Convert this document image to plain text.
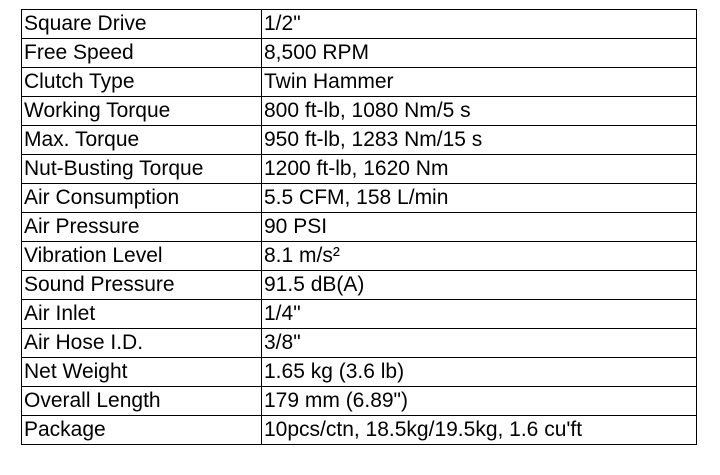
Square Drive	1/2"
Free Speed	8,500 RPM
Clutch Type	Twin Hammer
Working Torque	800 ft-lb, 1080 Nm/5 s
Max. Torque	950 ft-lb, 1283 Nm/15 s
Nut-Busting Torque	1200 ft-lb, 1620 Nm
Air Consumption	5.5 CFM, 158 L/min
Air Pressure	90 PSI
Vibration Level	8.1 m/s²
Sound Pressure	91.5 dB(A)
Air Inlet	1/4"
Air Hose I.D.	3/8"
Net Weight	1.65 kg (3.6 lb)
Overall Length	179 mm (6.89")
Package	10pcs/ctn, 18.5kg/19.5kg, 1.6 cu'ft
